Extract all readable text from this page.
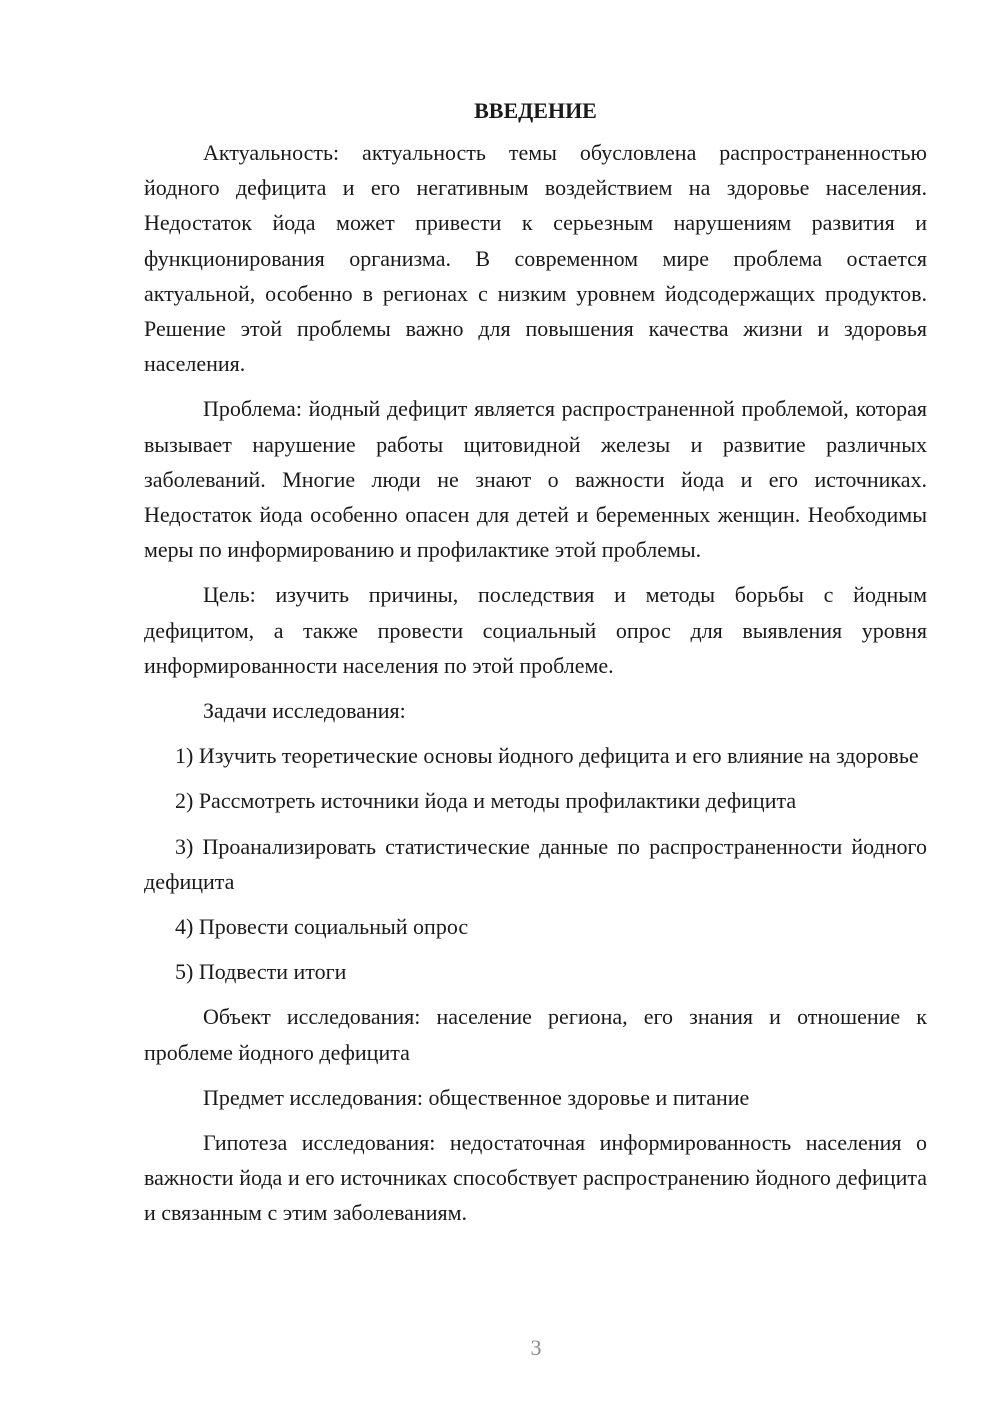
ВВЕДЕНИЕ

Актуальность: актуальность темы обусловлена распространенностью йодного дефицита и его негативным воздействием на здоровье населения. Недостаток йода может привести к серьезным нарушениям развития и функционирования организма. В современном мире проблема остается актуальной, особенно в регионах с низким уровнем йодсодержащих продуктов. Решение этой проблемы важно для повышения качества жизни и здоровья населения.

Проблема: йодный дефицит является распространенной проблемой, которая вызывает нарушение работы щитовидной железы и развитие различных заболеваний. Многие люди не знают о важности йода и его источниках. Недостаток йода особенно опасен для детей и беременных женщин. Необходимы меры по информированию и профилактике этой проблемы.

Цель: изучить причины, последствия и методы борьбы с йодным дефицитом, а также провести социальный опрос для выявления уровня информированности населения по этой проблеме.

Задачи исследования:

1) Изучить теоретические основы йодного дефицита и его влияние на здоровье

2) Рассмотреть источники йода и методы профилактики дефицита

3) Проанализировать статистические данные по распространенности йодного дефицита

4) Провести социальный опрос

5) Подвести итоги

Объект исследования: население региона, его знания и отношение к проблеме йодного дефицита

Предмет исследования: общественное здоровье и питание

Гипотеза исследования: недостаточная информированность населения о важности йода и его источниках способствует распространению йодного дефицита и связанным с этим заболеваниям.

3
